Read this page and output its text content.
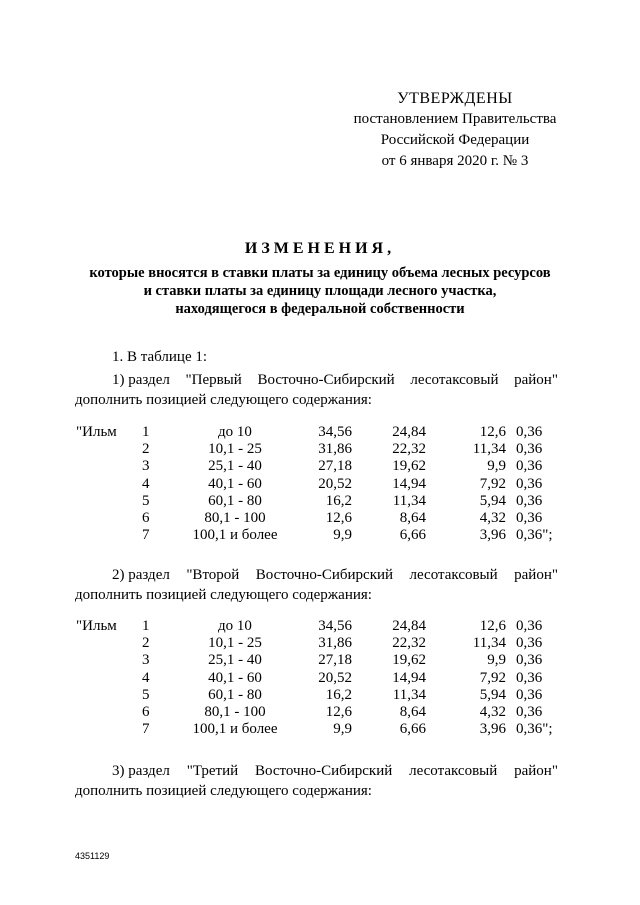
УТВЕРЖДЕНЫ
постановлением Правительства
Российской Федерации
от 6 января 2020 г. № 3
ИЗМЕНЕНИЯ,
которые вносятся в ставки платы за единицу объема лесных ресурсов
и ставки платы за единицу площади лесного участка,
находящегося в федеральной собственности
1. В таблице 1:
1) раздел "Первый Восточно-Сибирский лесотаксовый район"
дополнить позицией следующего содержания:
"Ильм 1	до 10	34,56	24,84	12,6 0,36
2	10,1 - 25	31,86	22,32	11,34 0,36
3	25,1 - 40	27,18	19,62	9,9 0,36
4	40,1 - 60	20,52	14,94	7,92 0,36
5	60,1 - 80	16,2	11,34	5,94 0,36
6	80,1 - 100	12,6	8,64	4,32 0,36
7	100,1 и более	9,9	6,66	3,96 0,36";
2) раздел "Второй Восточно-Сибирский лесотаксовый район"
дополнить позицией следующего содержания:
"Ильм 1	до 10	34,56	24,84	12,6 0,36
2	10,1 - 25	31,86	22,32	11,34 0,36
3	25,1 - 40	27,18	19,62	9,9 0,36
4	40,1 - 60	20,52	14,94	7,92 0,36
5	60,1 - 80	16,2	11,34	5,94 0,36
6	80,1 - 100	12,6	8,64	4,32 0,36
7	100,1 и более	9,9	6,66	3,96 0,36";
3) раздел "Третий Восточно-Сибирский лесотаксовый район"
дополнить позицией следующего содержания:
4351129
